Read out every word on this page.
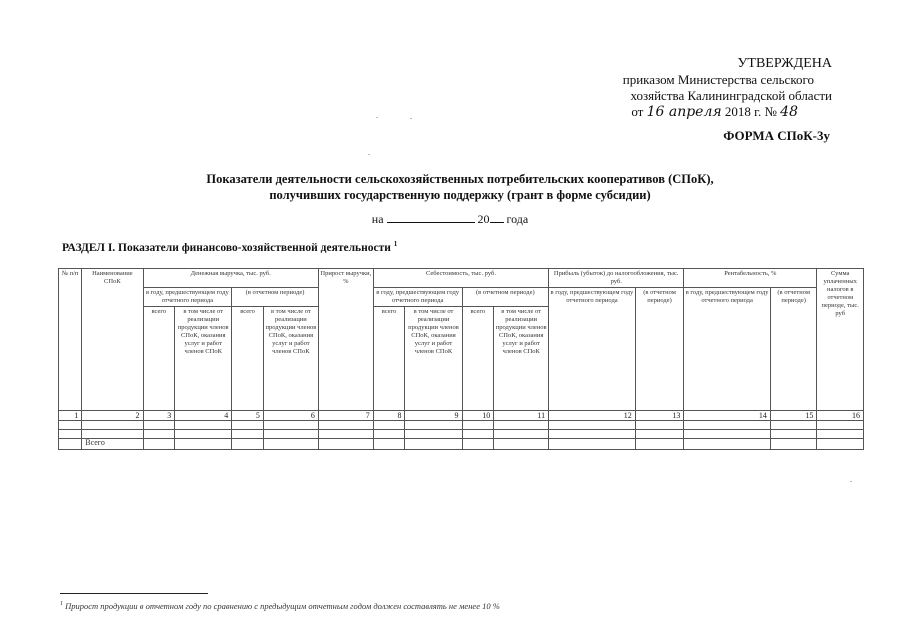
УТВЕРЖДЕНА
приказом Министерства сельского
хозяйства Калининградской области
от 16 апреля 2018 г. № 48
ФОРМА СПоК-3у
Показатели деятельности сельскохозяйственных потребительских кооперативов (СПоК),
получивших государственную поддержку (грант в форме субсидии)
на	20 года
РАЗДЕЛ I. Показатели финансово-хозяйственной деятельности $^1$
№ п/п	Наименование СПоК	Денежная выручка, тыс. руб.				Прирост выручки, %	Себестоимость, тыс. руб.				Прибыль (убыток) до налогообложения, тыс. руб.		Рентабельность, %		Сумма уплаченных налогов в отчетном периоде, тыс. руб
		в году, предшествующем году отчетного периода		(в отчетном периоде)			в году, предшествующем году отчетного периода		(в отчетном периоде)		в году, предшествующем году отчетного периода	(в отчетном периоде)	в году, предшествующем году отчетного периода	(в отчетном периоде)	
		всего	в том числе от реализации продукции членов СПоК, оказания услуг и работ членов СПоК	всего	в том числе от реализации продукции членов СПоК, оказания услуг и работ членов СПоК		всего	в том числе от реализации продукции членов СПоК, оказания услуг и работ членов СПоК	всего	в том числе от реализации продукции членов СПоК, оказания услуг и работ членов СПоК					
1	2	3	4	5	6	7	8	9	10	11	12	13	14	15	16

	Всего														
$^1$ Прирост продукции в отчетном году по сравнению с предыдущим отчетным годом должен составлять не менее 10 %
